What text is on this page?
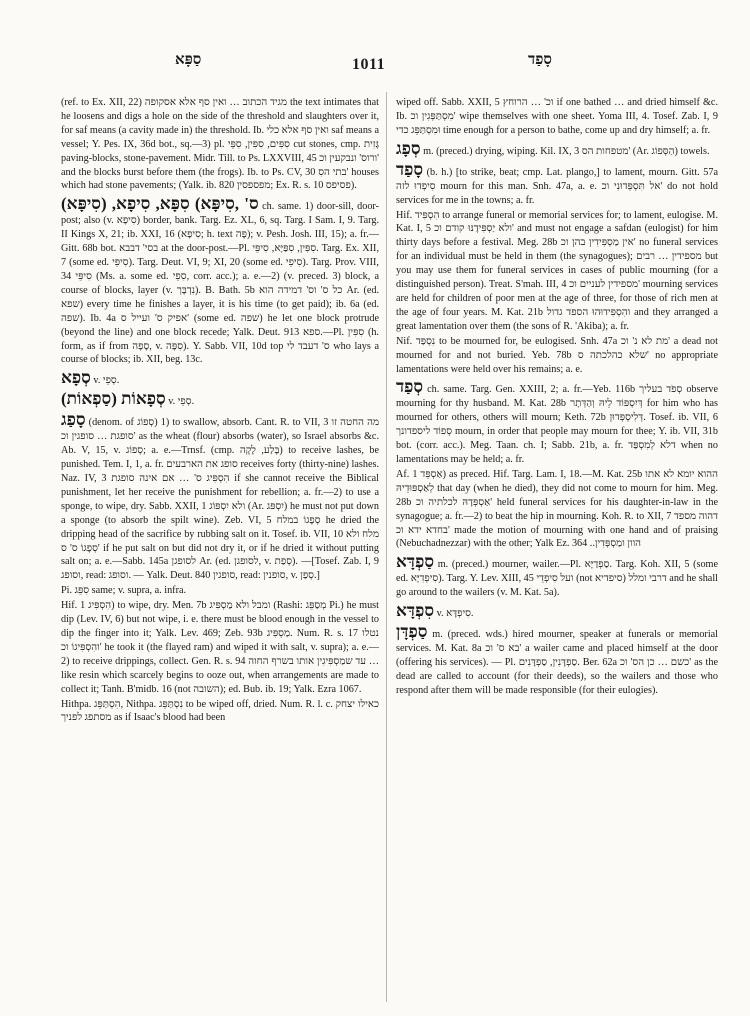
סַפָּא	1011	סָפַד

(ref. to Ex. XII, 22) מגיד הכתוב … ואין סף אלא אסקופה the text intimates that he loosens and digs a hole on the side of the threshold and slaughters over it, for saf means (a cavity made in) the threshold. Ib. ואין סף אלא כלי saf means a vessel; Y. Pes. IX, 36d bot., sq.—3) pl. סִפִּים, סִפִּין, סִפֵּי cut stones, cmp. גָּזִית paving-blocks, stone-pavement. Midr. Till. to Ps. LXXVIII, 45 ורוס' ונבקעין וכ' and the blocks burst before them (the frogs). Ib. to Ps. CV, 30 בתי הסִ' houses which had stone pavements; (Yalk. ib. 820 מפספסין; Ex. R. s. 10 פסיפס).

סִפָּא, סִיפָא, (סִיפָּא) (ס' ,סִיפָּא ch. same. 1) door-sill, door-post; also (v. סִיפָא) border, bank. Targ. Ez. XL, 6, sq. Targ. I Sam. I, 9. Targ. II Kings X, 21; ib. XXI, 16 (סִיפָא; h. text פֶּה); v. Pesh. Josh. III, 15); a. fr.—Gitt. 68b bot. בסי' דבבא at the door-post.—Pl. סִפִּין, סִפַּיָּא, סִיפֵּי. Targ. Ex. XII, 7 (some ed. סִיפֵּי). Targ. Deut. VI, 9; XI, 20 (some ed. סִיפֵי). Targ. Prov. VIII, 34 סִיפֵּי (Ms. a. some ed. סִפֵי, corr. acc.); a. e.—2) (v. preced. 3) block, a course of blocks, layer (v. נִדְבָּך). B. Bath. 5b כל ס' וס' דמידה הוא Ar. (ed. שפא) every time he finishes a layer, it is his time (to get paid); ib. 6a (ed. שפה). Ib. 4a אפיק ס' ועייל ס' (some ed. שפה) he let one block protrude (beyond the line) and one block recede; Yalk. Deut. 913 ספא.—Pl. סִפִּין (h. form, as if from סָפָה, v. סִפָּה). Y. Sabb. VII, 10d top ס' דעבד לי who lays a course of blocks; ib. XII, beg. 13c.

סְפָא v. סְפֵי.

(סְפָאוֹת (סַפְאוֹת v. סְפֵי.

סָפַג (denom. of סְפוֹג) 1) to swallow, absorb. Cant. R. to VII, 3 מה החטה זו סופגת … סופגין וכ' as the wheat (flour) absorbs (water), so Israel absorbs &c. Ab. V, 15, v. סְפוֹג; a. e.—Trnsf. (cmp. בָּלַע, לָקָה) to receive lashes, be punished. Tem. I, 1, a. fr. סופג את הארבעים receives forty (thirty-nine) lashes. Naz. IV, 3 הִסְפִּיג ס' … אם אינה סופגת if she cannot receive the Biblical punishment, let her receive the punishment for rebellion; a. fr.—2) to use a sponge, to wipe, dry. Sabb. XXII, 1 ולא יִסְפּוֹג (Ar. יִסְפּג) he must not put down a sponge (to absorb the spilt wine). Zeb. VI, 5 סְפָגוֹ במלח he dried the dripping head of the sacrifice by rubbing salt on it. Tosef. ib. VII, 10 מלח ולא סְפָגוֹ ס' ס' if he put salt on but did not dry it, or if he dried it without putting salt on; a. e.—Sabb. 145a לסופגן Ar. (ed. לסופגן, v. סְפַת). —[Tosef. Zab. I, 9 וסופג, read: וסופג. — Yalk. Deut. 840 סופגין, read: סופנין, v. סְפַן.]

Pi. סִפֵּג same; v. supra, a. infra.

Hif. הִסְפִּיג 1) to wipe, dry. Men. 7b ומבל ולא מַסְפִּיג (Rashi: מְסַפֵּג Pi.) he must dip (Lev. IV, 6) but not wipe, i. e. there must be blood enough in the vessel to dip the finger into it; Yalk. Lev. 469; Zeb. 93b מַסְפִּיג. Num. R. s. 17 נטלו והִסְפִּיגוֹ וכ' he took it (the flayed ram) and wiped it with salt, v. supra); a. e.—2) to receive drippings, collect. Gen. R. s. 94 עד שמַסְפִּיגִין אותו בשרף החוה … like resin which scarcely begins to ooze out, when arrangements are made to collect it; Tanh. B'midb. 16 (not השובה); ed. Bub. ib. 19; Yalk. Ezra 1067.

Hithpa. הִסְתַּפֵּג, Nithpa. נִסְתַּפֵּג to be wiped off, dried. Num. R. l. c. כאילו יצחק מסתפג לפניך as if Isaac's blood had been

wiped off. Sabb. XXII, 5 וכ' … הרוחץ if one bathed … and dried himself &c. Ib. מִסְתַּפְּגִין וכ' wipe themselves with one sheet. Yoma III, 4. Tosef. Zab. I, 9 וּמִסְתַּפֵּג כדי time enough for a person to bathe, come up and dry himself; a. fr.

סְפָג m. (preced.) drying, wiping. Kil. IX, 3 מטפחות הס' (Ar. הַסְּפוֹג) towels.

סָפַד (b. h.) [to strike, beat; cmp. Lat. plango,] to lament, mourn. Gitt. 57a סִיפְדוּ לזה mourn for this man. Snh. 47a, a. e. אל תִּסְפְּדוּנִי וכ' do not hold services for me in the towns; a. fr.

Hif. הִסְפִּיד to arrange funeral or memorial services for; to lament, eulogise. M. Kat. I, 5 ולא יַסְפִּידֶנּוּ קודם וכ' and must not engage a safdan (eulogist) for him thirty days before a festival. Meg. 28b אין מַסְפִּידִין בהן וכ' no funeral services for an individual must be held in them (the synagogues); מספידין … רבים but you may use them for funeral services in cases of public mourning (for a distinguished person). Treat. S'mah. III, 4 מספידין לעניים וכ' mourning services are held for children of poor men at the age of three, for those of rich men at the age of four years. M. Kat. 21b והִסְפִּידוּהוּ הספד גדול and they arranged a great lamentation over them (the sons of R. 'Akiba); a. fr.

Nif. נִסְפַּד to be mourned for, be eulogised. Snh. 47a מת לא נ' וכ' a dead not mourned for and not buried. Yeb. 78b שלא כהלכתה ס' no appropriate lamentations were held over his remains; a. e.

סְפַד ch. same. Targ. Gen. XXIII, 2; a. fr.—Yeb. 116b סְפֹד בעליך observe mourning for thy husband. M. Kat. 28b דְּיִסְפּוֹד לֵיהּ וְהַדְּתָר for him who has mourned for others, others will mourn; Keth. 72b דְּלִיסְפְּדוּן. Tosef. ib. VII, 6 סְפוֹד ליספדונך mourn, in order that people may mourn for thee; Y. ib. VII, 31b bot. (corr. acc.). Meg. Taan. ch. I; Sabb. 21b, a. fr. דלא לְמִסְפַּד when no lamentations may be held; a. fr.

Af. אַסְפֵּד 1) as preced. Hif. Targ. Lam. I, 18.—M. Kat. 25b ההוא יומא לא אתו לְאַסְפּוּדֵיהּ that day (when he died), they did not come to mourn for him. Meg. 28b אַסְפְּדָהּ לכלתיה וכ' held funeral services for his daughter-in-law in the synagogue; a. fr.—2) to beat the hip in mourning. Koh. R. to XII, 7 דהוה מספד בחדא ידא וכ' made the motion of mourning with one hand and of praising (Nebuchadnezzar) with the other; Yalk Ez. 364 ..הוון ומַסְפְּדִין

סַפְדָּא m. (preced.) mourner, wailer.—Pl. סַפְדַיָּא. Targ. Koh. XII, 5 (some ed. סִיפְדִיָּא). Targ. Y. Lev. XIII, 45 ועל סִיפְדֵי (not סיפדיא) דרבי ומלל and he shall go around to the wailers (v. M. Kat. 5a).

סִפְדָּא v. סִיפְדָּא.

סַפְדָּן m. (preced. wds.) hired mourner, speaker at funerals or memorial services. M. Kat. 8a בא ס' וכ' a wailer came and placed himself at the door (offering his services). — Pl. סַפְדָּנִין, סַפְדָּנִים. Ber. 62a כשם … כן הס' וכ' as the dead are called to account (for their deeds), so the wailers and those who respond after them will be made responsible (for their eulogies).
